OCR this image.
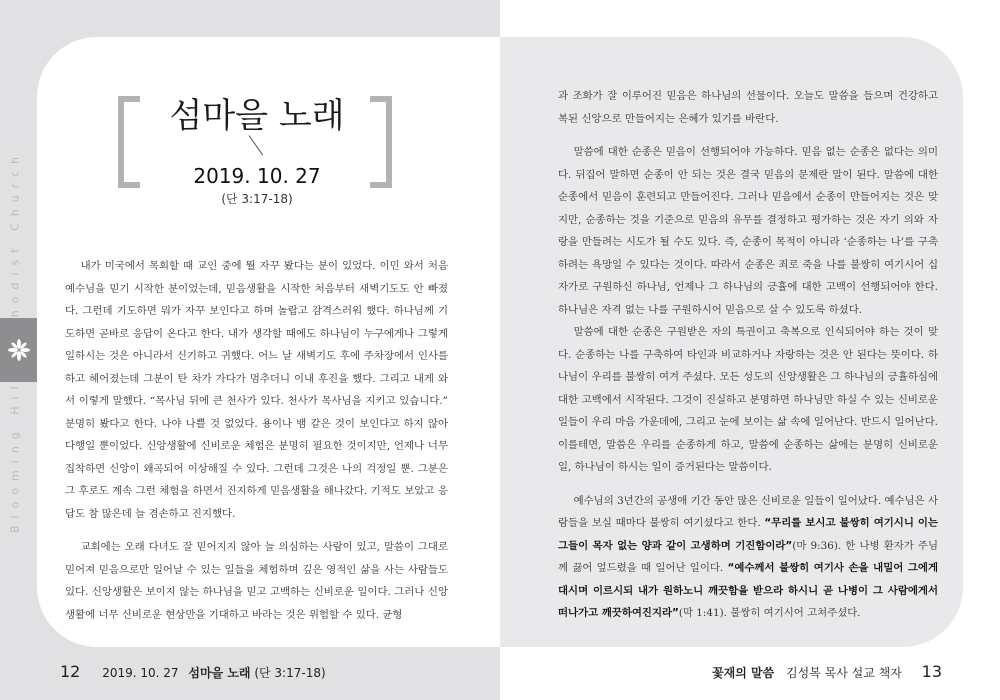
섬마을 노래
2019. 10. 27
(단 3:17-18)

내가 미국에서 목회할 때 교인 중에 뭘 자꾸 봤다는 분이 있었다. 이민 와서 처음 예수님을 믿기 시작한 분이었는데, 믿음생활을 시작한 처음부터 새벽기도도 안 빠졌다. 그런데 기도하면 뭐가 자꾸 보인다고 하며 놀랍고 감격스러워 했다. 하나님께 기도하면 곧바로 응답이 온다고 한다. 내가 생각할 때에도 하나님이 누구에게나 그렇게 일하시는 것은 아니라서 신기하고 귀했다. 어느 날 새벽기도 후에 주차장에서 인사를 하고 헤어졌는데 그분이 탄 차가 가다가 멈추더니 이내 후진을 했다. 그리고 내게 와서 이렇게 말했다. “목사님 뒤에 큰 천사가 있다. 천사가 목사님을 지키고 있습니다.” 분명히 봤다고 한다. 나야 나쁠 것 없었다. 용이나 뱀 같은 것이 보인다고 하지 않아 다행일 뿐이었다. 신앙생활에 신비로운 체험은 분명히 필요한 것이지만, 언제나 너무 집착하면 신앙이 왜곡되어 이상해질 수 있다. 그런데 그것은 나의 걱정일 뿐. 그분은 그 후로도 계속 그런 체험을 하면서 진지하게 믿음생활을 해나갔다. 기적도 보았고 응답도 참 많은데 늘 겸손하고 진지했다.

교회에는 오래 다녀도 잘 믿어지지 않아 늘 의심하는 사람이 있고, 말씀이 그대로 믿어져 믿음으로만 일어날 수 있는 일들을 체험하며 깊은 영적인 삶을 사는 사람들도 있다. 신앙생활은 보이지 않는 하나님을 믿고 고백하는 신비로운 일이다. 그러나 신앙생활에 너무 신비로운 현상만을 기대하고 바라는 것은 위험할 수 있다. 균형

과 조화가 잘 이루어진 믿음은 하나님의 선물이다. 오늘도 말씀을 들으며 건강하고 복된 신앙으로 만들어지는 은혜가 있기를 바란다.

말씀에 대한 순종은 믿음이 선행되어야 가능하다. 믿음 없는 순종은 없다는 의미다. 뒤집어 말하면 순종이 안 되는 것은 결국 믿음의 문제란 말이 된다. 말씀에 대한 순종에서 믿음이 훈련되고 만들어진다. 그러나 믿음에서 순종이 만들어지는 것은 맞지만, 순종하는 것을 기준으로 믿음의 유무를 결정하고 평가하는 것은 자기 의와 자랑을 만들려는 시도가 될 수도 있다. 즉, 순종이 목적이 아니라 ‘순종하는 나’를 구축하려는 욕망일 수 있다는 것이다. 따라서 순종은 죄로 죽을 나를 불쌍히 여기시어 십자가로 구원하신 하나님, 언제나 그 하나님의 긍휼에 대한 고백이 선행되어야 한다. 하나님은 자격 없는 나를 구원하시어 믿음으로 살 수 있도록 하셨다.

말씀에 대한 순종은 구원받은 자의 특권이고 축복으로 인식되어야 하는 것이 맞다. 순종하는 나를 구축하여 타인과 비교하거나 자랑하는 것은 안 된다는 뜻이다. 하나님이 우리를 불쌍히 여겨 주셨다. 모든 성도의 신앙생활은 그 하나님의 긍휼하심에 대한 고백에서 시작된다. 그것이 진실하고 분명하면 하나님만 하실 수 있는 신비로운 일들이 우리 마음 가운데에, 그리고 눈에 보이는 삶 속에 일어난다. 반드시 일어난다. 이를테면, 말씀은 우리를 순종하게 하고, 말씀에 순종하는 삶에는 분명히 신비로운 일, 하나님이 하시는 일이 증거된다는 말씀이다.

예수님의 3년간의 공생애 기간 동안 많은 신비로운 일들이 일어났다. 예수님은 사람들을 보실 때마다 불쌍히 여기셨다고 한다. “무리를 보시고 불쌍히 여기시니 이는 그들이 목자 없는 양과 같이 고생하며 기진함이라”(마 9:36). 한 나병 환자가 주님께 끓어 엎드렸을 때 일어난 일이다. “예수께서 불쌍히 여기사 손을 내밀어 그에게 대시며 이르시되 내가 원하노니 깨끗함을 받으라 하시니 곧 나병이 그 사람에게서 떠나가고 깨끗하여진지라”(막 1:41). 불쌍히 여기시어 고쳐주셨다.

12 2019. 10. 27 섬마을 노래 (단 3:17-18)	꽃재의 말씀 김성복 목사 설교 책자 13
